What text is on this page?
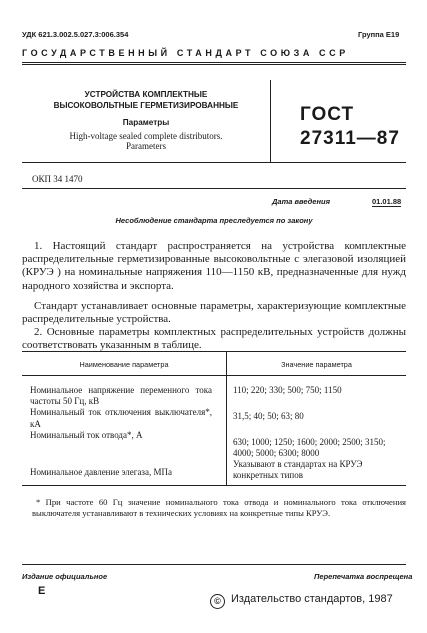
УДК 621.3.002.5.027.3:006.354	Группа Е19
ГОСУДАРСТВЕННЫЙ СТАНДАРТ СОЮЗА ССР
УСТРОЙСТВА КОМПЛЕКТНЫЕ
ВЫСОКОВОЛЬТНЫЕ ГЕРМЕТИЗИРОВАННЫЕ
Параметры
High-voltage sealed complete distributors.
Parameters
ГОСТ
27311—87
ОКП 34 1470
Дата введения	01.01.88
Несоблюдение стандарта преследуется по закону
1. Настоящий стандарт распространяется на устройства комплектные распределительные герметизированные высоковольтные с элегазовой изоляцией (КРУЭ ) на номинальные напряжения 110—1150 кВ, предназначенные для нужд народного хозяйства и экспорта.
Стандарт устанавливает основные параметры, характеризующие комплектные распределительные устройства.
2. Основные параметры комплектных распределительных устройств должны соответствовать указанным в таблице.
Наименование параметра	Значение параметра
Номинальное напряжение переменного тока частоты 50 Гц, кВ	110; 220; 330; 500; 750; 1150
Номинальный ток отключения выключателя*, кА	31,5; 40; 50; 63; 80
Номинальный ток отвода*, А	630; 1000; 1250; 1600; 2000; 2500; 3150; 4000; 5000; 6300; 8000
Номинальное давление элегаза, МПа	Указывают в стандартах на КРУЭ конкретных типов
* При частоте 60 Гц значение номинального тока отвода и номинального тока отключения выключателя устанавливают в технических условиях на конкретные типы КРУЭ.
Издание официальное	Перепечатка воспрещена
Е
© Издательство стандартов, 1987
